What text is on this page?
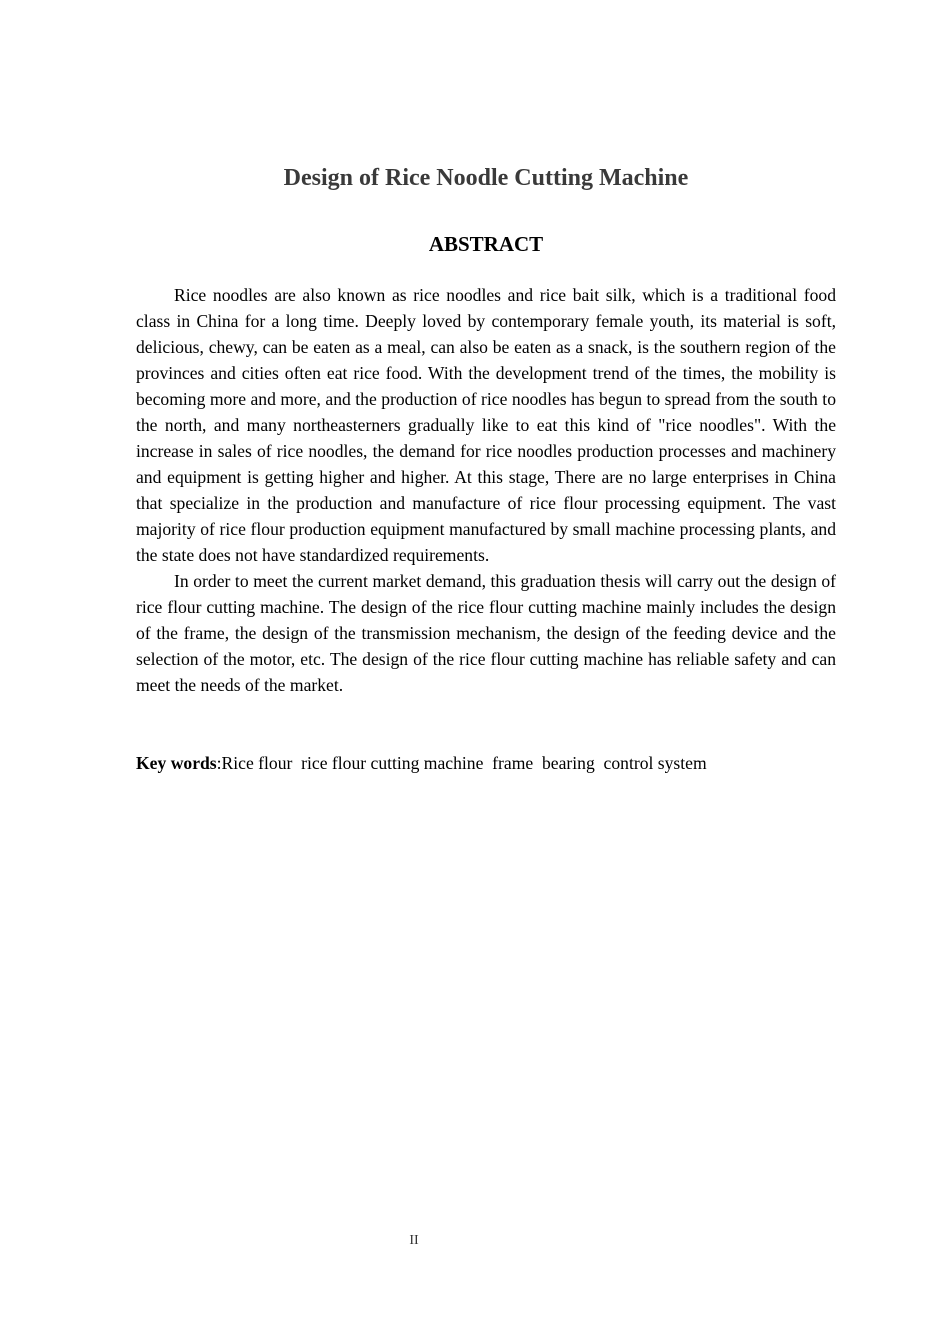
Design of Rice Noodle Cutting Machine
ABSTRACT

Rice noodles are also known as rice noodles and rice bait silk, which is a traditional food class in China for a long time. Deeply loved by contemporary female youth, its material is soft, delicious, chewy, can be eaten as a meal, can also be eaten as a snack, is the southern region of the provinces and cities often eat rice food. With the development trend of the times, the mobility is becoming more and more, and the production of rice noodles has begun to spread from the south to the north, and many northeasterners gradually like to eat this kind of "rice noodles". With the increase in sales of rice noodles, the demand for rice noodles production processes and machinery and equipment is getting higher and higher. At this stage, There are no large enterprises in China that specialize in the production and manufacture of rice flour processing equipment. The vast majority of rice flour production equipment manufactured by small machine processing plants, and the state does not have standardized requirements.

In order to meet the current market demand, this graduation thesis will carry out the design of rice flour cutting machine. The design of the rice flour cutting machine mainly includes the design of the frame, the design of the transmission mechanism, the design of the feeding device and the selection of the motor, etc. The design of the rice flour cutting machine has reliable safety and can meet the needs of the market.

Key words:Rice flour  rice flour cutting machine  frame  bearing  control system
II
